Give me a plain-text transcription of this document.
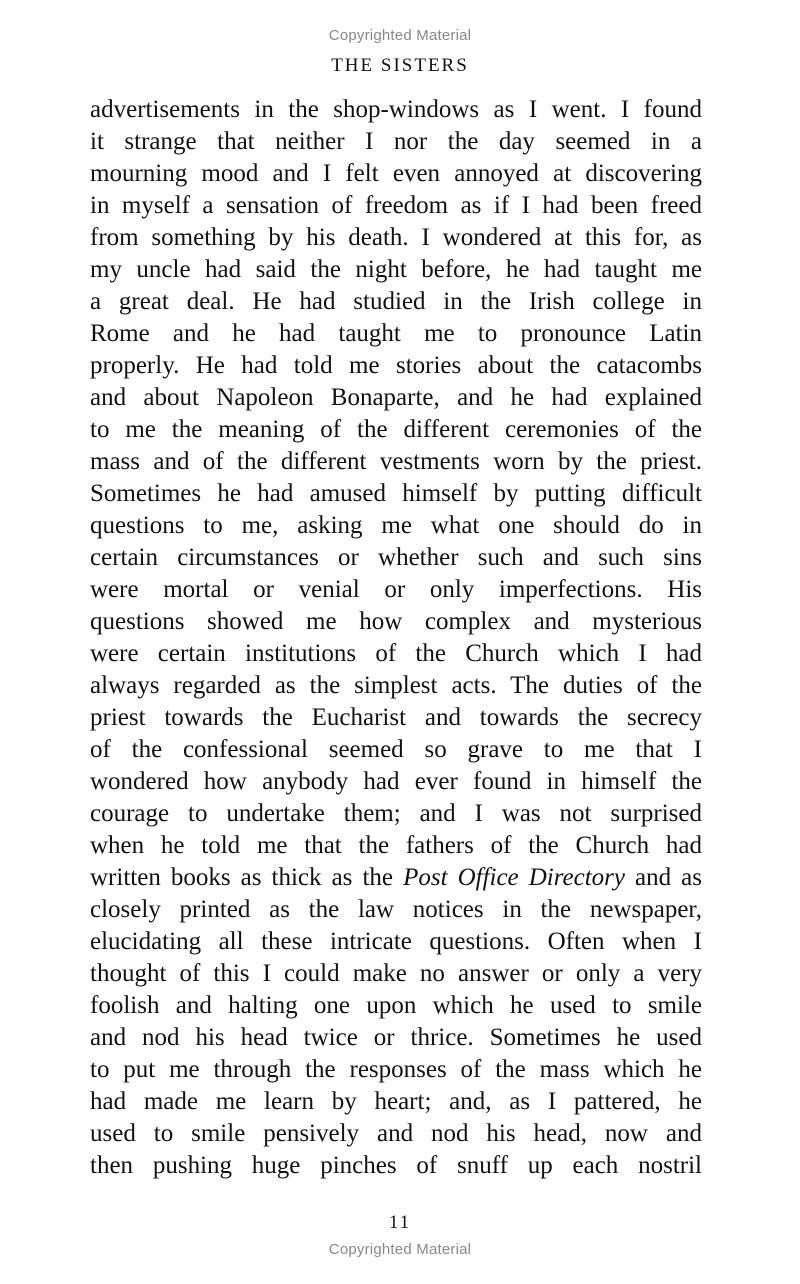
Copyrighted Material
THE SISTERS
advertisements in the shop-windows as I went. I found
it strange that neither I nor the day seemed in a
mourning mood and I felt even annoyed at discovering
in myself a sensation of freedom as if I had been freed
from something by his death. I wondered at this for, as
my uncle had said the night before, he had taught me
a great deal. He had studied in the Irish college in
Rome and he had taught me to pronounce Latin
properly. He had told me stories about the catacombs
and about Napoleon Bonaparte, and he had explained
to me the meaning of the different ceremonies of the
mass and of the different vestments worn by the priest.
Sometimes he had amused himself by putting difficult
questions to me, asking me what one should do in
certain circumstances or whether such and such sins
were mortal or venial or only imperfections. His
questions showed me how complex and mysterious
were certain institutions of the Church which I had
always regarded as the simplest acts. The duties of the
priest towards the Eucharist and towards the secrecy
of the confessional seemed so grave to me that I
wondered how anybody had ever found in himself the
courage to undertake them; and I was not surprised
when he told me that the fathers of the Church had
written books as thick as the Post Office Directory and as
closely printed as the law notices in the newspaper,
elucidating all these intricate questions. Often when I
thought of this I could make no answer or only a very
foolish and halting one upon which he used to smile
and nod his head twice or thrice. Sometimes he used
to put me through the responses of the mass which he
had made me learn by heart; and, as I pattered, he
used to smile pensively and nod his head, now and
then pushing huge pinches of snuff up each nostril
11
Copyrighted Material
